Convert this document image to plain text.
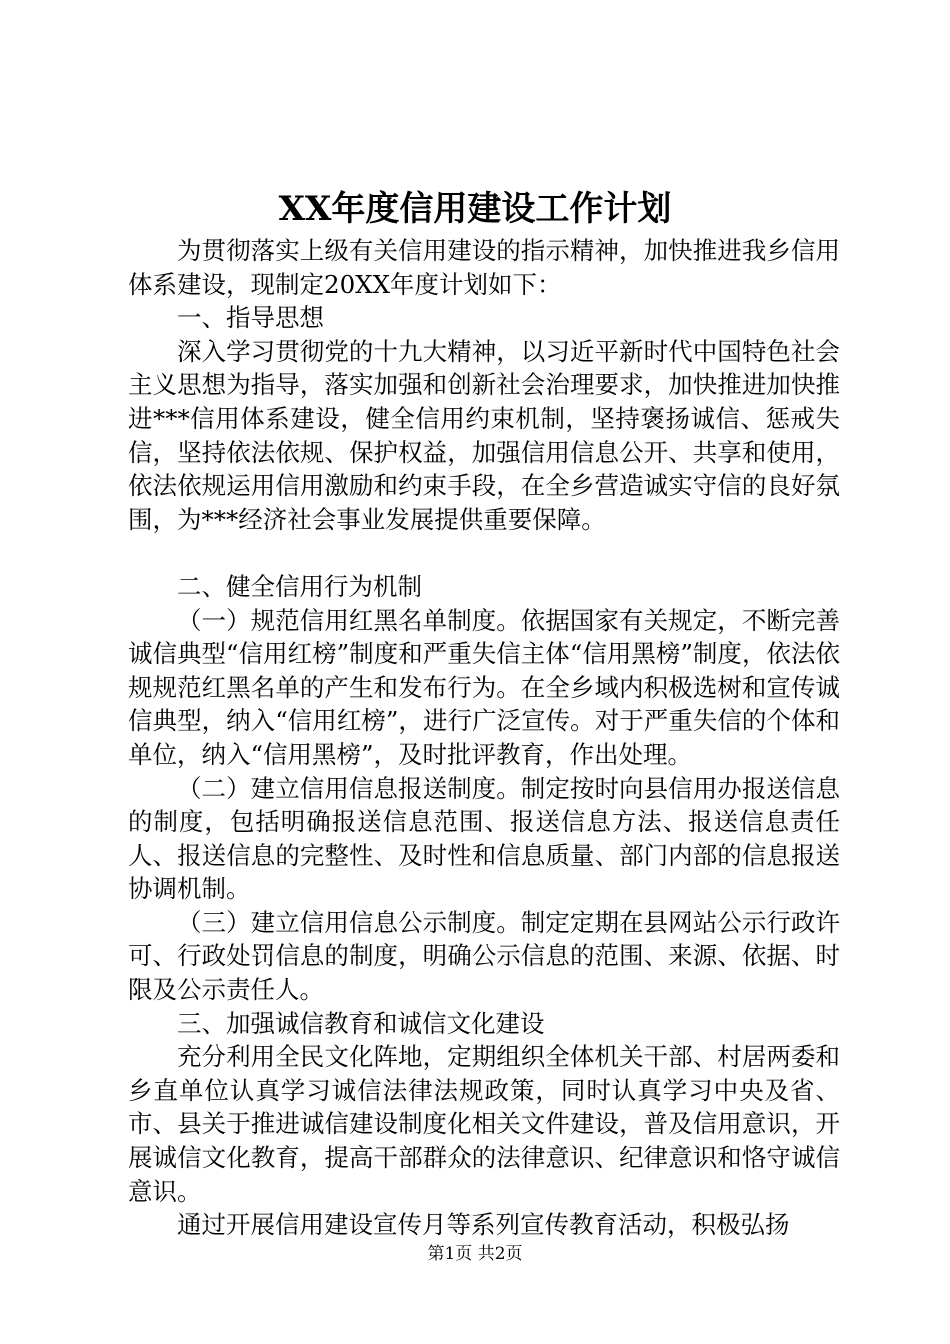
XX年度信用建设工作计划

为贯彻落实上级有关信用建设的指示精神，加快推进我乡信用体系建设，现制定20XX年度计划如下：

一、指导思想

深入学习贯彻党的十九大精神，以习近平新时代中国特色社会主义思想为指导，落实加强和创新社会治理要求，加快推进加快推进***信用体系建设，健全信用约束机制，坚持褒扬诚信、惩戒失信，坚持依法依规、保护权益，加强信用信息公开、共享和使用，依法依规运用信用激励和约束手段，在全乡营造诚实守信的良好氛围，为***经济社会事业发展提供重要保障。

二、健全信用行为机制

（一）规范信用红黑名单制度。依据国家有关规定，不断完善诚信典型“信用红榜”制度和严重失信主体“信用黑榜”制度，依法依规规范红黑名单的产生和发布行为。在全乡域内积极选树和宣传诚信典型，纳入“信用红榜”，进行广泛宣传。对于严重失信的个体和单位，纳入“信用黑榜”，及时批评教育，作出处理。

（二）建立信用信息报送制度。制定按时向县信用办报送信息的制度，包括明确报送信息范围、报送信息方法、报送信息责任人、报送信息的完整性、及时性和信息质量、部门内部的信息报送协调机制。

（三）建立信用信息公示制度。制定定期在县网站公示行政许可、行政处罚信息的制度，明确公示信息的范围、来源、依据、时限及公示责任人。

三、加强诚信教育和诚信文化建设

充分利用全民文化阵地，定期组织全体机关干部、村居两委和乡直单位认真学习诚信法律法规政策，同时认真学习中央及省、市、县关于推进诚信建设制度化相关文件建设，普及信用意识，开展诚信文化教育，提高干部群众的法律意识、纪律意识和恪守诚信意识。

通过开展信用建设宣传月等系列宣传教育活动，积极弘扬

第1页 共2页
